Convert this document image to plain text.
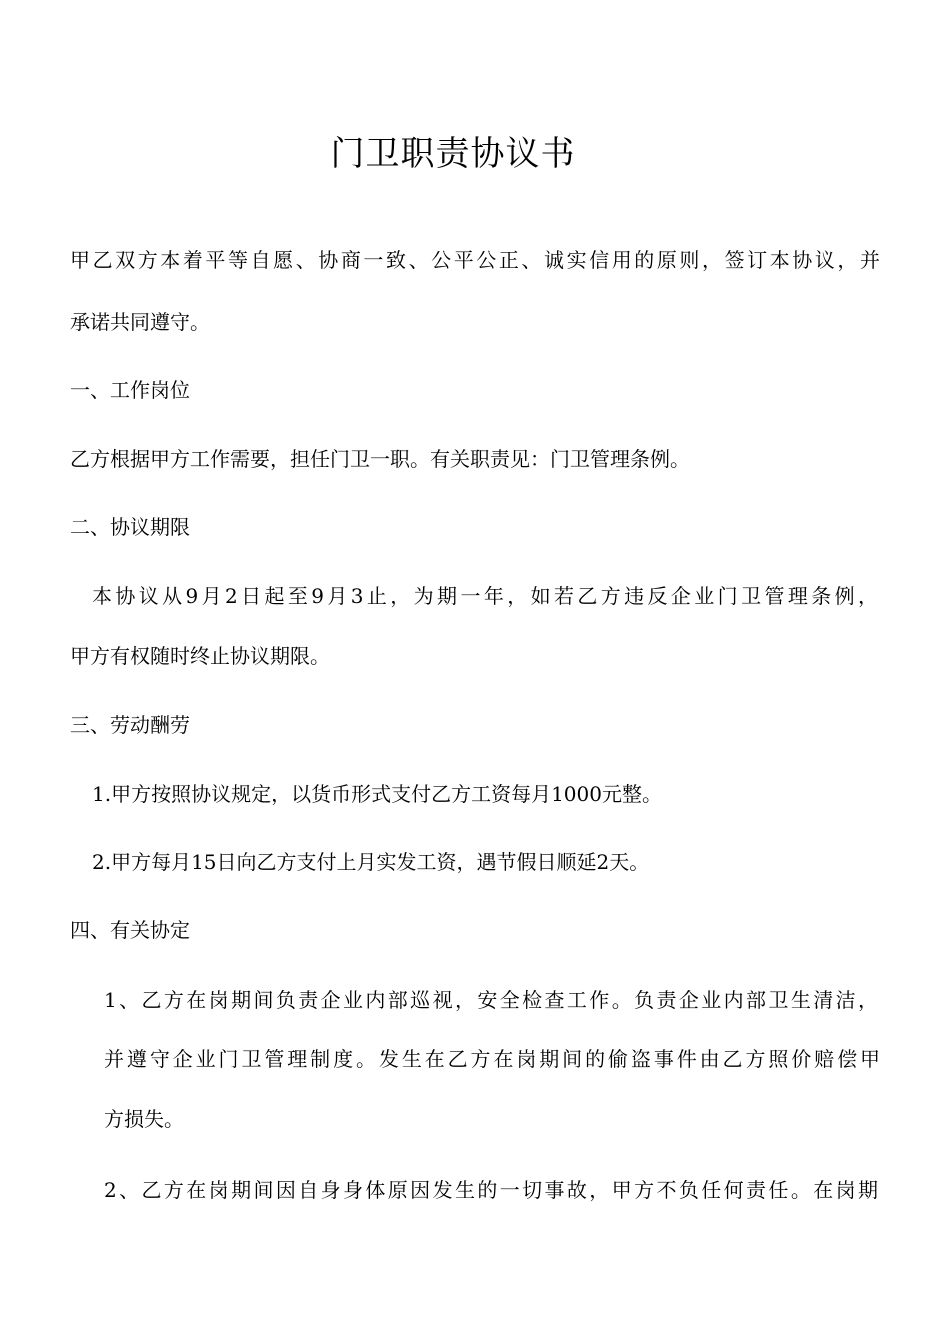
门卫职责协议书
甲乙双方本着平等自愿、协商一致、公平公正、诚实信用的原则，签订本协议，并
承诺共同遵守。
一、工作岗位
乙方根据甲方工作需要，担任门卫一职。有关职责见：门卫管理条例。
二、协议期限
本协议从9月2日起至9月3止，为期一年，如若乙方违反企业门卫管理条例，
甲方有权随时终止协议期限。
三、劳动酬劳
1.甲方按照协议规定，以货币形式支付乙方工资每月1000元整。
2.甲方每月15日向乙方支付上月实发工资，遇节假日顺延2天。
四、有关协定
1、乙方在岗期间负责企业内部巡视，安全检查工作。负责企业内部卫生清洁，
并遵守企业门卫管理制度。发生在乙方在岗期间的偷盗事件由乙方照价赔偿甲
方损失。
2、乙方在岗期间因自身身体原因发生的一切事故，甲方不负任何责任。在岗期
